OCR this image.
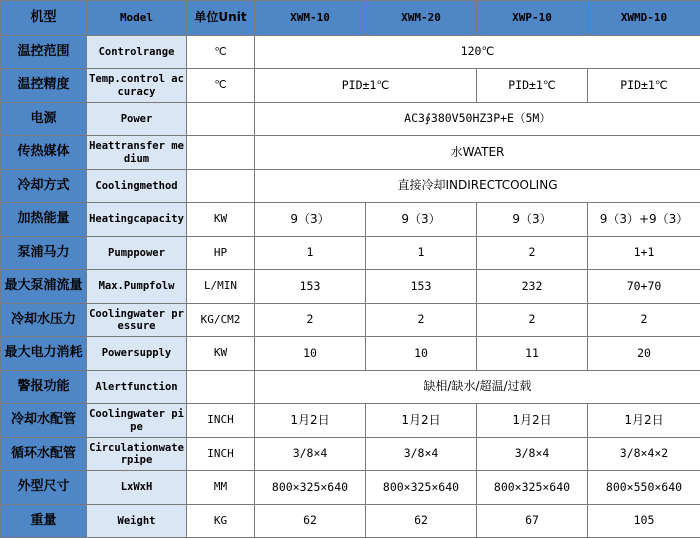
机型	Model	单位Unit	XWM-10	XWM-20	XWP-10	XWMD-10
温控范围	Controlrange	℃	120℃			
温控精度	Temp.control accuracy	℃	PID±1℃		PID±1℃	PID±1℃
电源	Power		AC3∮380V50HZ3P+E（5M）			
传热媒体	Heattransfer medium		水WATER			
冷却方式	Coolingmethod		直接冷却INDIRECTCOOLING			
加热能量	Heatingcapacity	KW	9（3）	9（3）	9（3）	9（3）+9（3）
泵浦马力	Pumppower	HP	1	1	2	1+1
最大泵浦流量	Max.Pumpfolw	L/MIN	153	153	232	70+70
冷却水压力	Coolingwater pressure	KG/CM2	2	2	2	2
最大电力消耗	Powersupply	KW	10	10	11	20
警报功能	Alertfunction		缺相/缺水/超温/过载			
冷却水配管	Coolingwater pipe	INCH	1月2日	1月2日	1月2日	1月2日
循环水配管	Circulationwaterpipe	INCH	3/8×4	3/8×4	3/8×4	3/8×4×2
外型尺寸	LxWxH	MM	800×325×640	800×325×640	800×325×640	800×550×640
重量	Weight	KG	62	62	67	105
